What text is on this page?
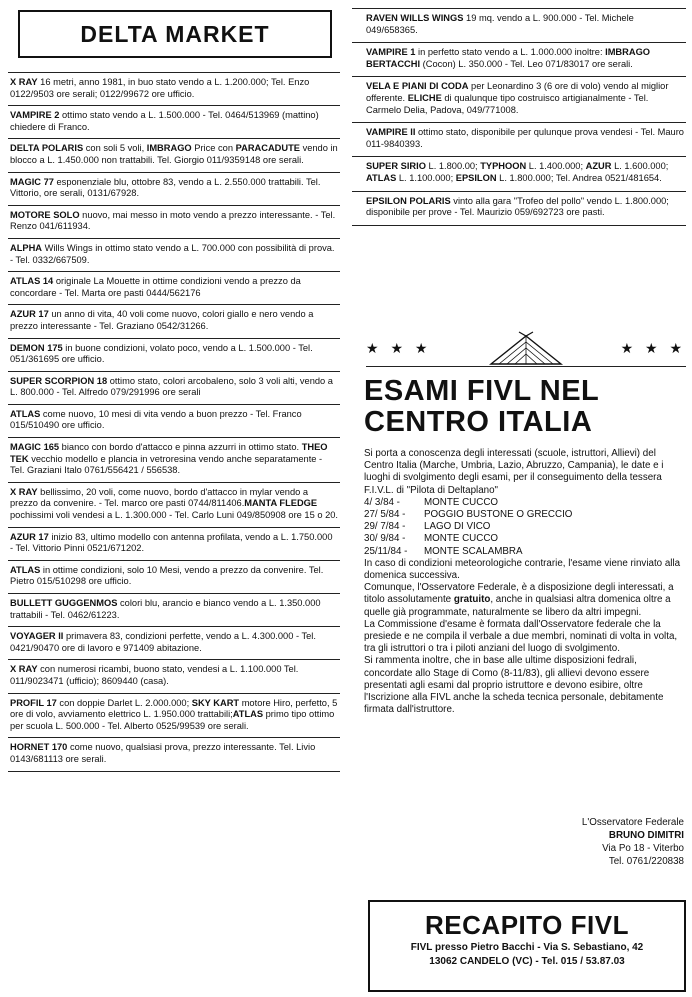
DELTA MARKET

X RAY 16 metri, anno 1981, in buo stato vendo a L. 1.200.000; Tel. Enzo 0122/9503 ore serali; 0122/99672 ore ufficio.

VAMPIRE 2 ottimo stato vendo a L. 1.500.000 - Tel. 0464/513969 (mattino) chiedere di Franco.

DELTA POLARIS con soli 5 voli, IMBRAGO Price con PARACADUTE vendo in blocco a L. 1.450.000 non trattabili. Tel. Giorgio 011/9359148 ore serali.

MAGIC 77 esponenziale blu, ottobre 83, vendo a L. 2.550.000 trattabili. Tel. Vittorio, ore serali, 0131/67928.

MOTORE SOLO nuovo, mai messo in moto vendo a prezzo interessante. - Tel. Renzo 041/611934.

ALPHA Wills Wings in ottimo stato vendo a L. 700.000 con possibilità di prova. - Tel. 0332/667509.

ATLAS 14 originale La Mouette in ottime condizioni vendo a prezzo da concordare - Tel. Marta ore pasti 0444/562176

AZUR 17 un anno di vita, 40 voli come nuovo, colori giallo e nero vendo a prezzo interessante - Tel. Graziano 0542/31266.

DEMON 175 in buone condizioni, volato poco, vendo a L. 1.500.000 - Tel. 051/361695 ore ufficio.

SUPER SCORPION 18 ottimo stato, colori arcobaleno, solo 3 voli alti, vendo a L. 800.000 - Tel. Alfredo 079/291996 ore serali

ATLAS come nuovo, 10 mesi di vita vendo a buon prezzo - Tel. Franco 015/510490 ore ufficio.

MAGIC 165 bianco con bordo d'attacco e pinna azzurri in ottimo stato. THEO TEK vecchio modello e plancia in vetroresina vendo anche separatamente - Tel. Graziani Italo 0761/556421 / 556538.

X RAY bellissimo, 20 voli, come nuovo, bordo d'attacco in mylar vendo a prezzo da convenire. - Tel. marco ore pasti 0744/811406.MANTA FLEDGE pochissimi voli vendesi a L. 1.300.000 - Tel. Carlo Luni 049/850908 ore 15 o 20.

AZUR 17 inizio 83, ultimo modello con antenna profilata, vendo a L. 1.750.000 - Tel. Vittorio Pinni 0521/671202.

ATLAS in ottime condizioni, solo 10 Mesi, vendo a prezzo da convenire. Tel. Pietro 015/510298 ore ufficio.

BULLETT GUGGENMOS colori blu, arancio e bianco vendo a L. 1.350.000 trattabili - Tel. 0462/61223.

VOYAGER II primavera 83, condizioni perfette, vendo a L. 4.300.000 - Tel. 0421/90470 ore di lavoro e 971409 abitazione.

X RAY con numerosi ricambi, buono stato, vendesi a L. 1.100.000 Tel. 011/9023471 (ufficio); 8609440 (casa).

PROFIL 17 con doppie Darlet L. 2.000.000; SKY KART motore Hiro, perfetto, 5 ore di volo, avviamento elettrico L. 1.950.000 trattabili;ATLAS primo tipo ottimo per scuola L. 500.000 - Tel. Alberto 0525/99539 ore serali.

HORNET 170 come nuovo, qualsiasi prova, prezzo interessante. Tel. Livio 0143/681113 ore serali.

RAVEN WILLS WINGS 19 mq. vendo a L. 900.000 - Tel. Michele 049/658365.

VAMPIRE 1 in perfetto stato vendo a L. 1.000.000 inoltre: IMBRAGO BERTACCHI (Cocon) L. 350.000 - Tel. Leo 071/83017 ore serali.

VELA E PIANI DI CODA per Leonardino 3 (6 ore di volo) vendo al miglior offerente. ELICHE di qualunque tipo costruisco artigianalmente - Tel. Carmelo Delia, Padova, 049/771008.

VAMPIRE II ottimo stato, disponibile per qulunque prova vendesi - Tel. Mauro 011-9840393.

SUPER SIRIO L. 1.800.00; TYPHOON L. 1.400.000; AZUR L. 1.600.000; ATLAS L. 1.100.000; EPSILON L. 1.800.000; Tel. Andrea 0521/481654.

EPSILON POLARIS vinto alla gara "Trofeo del pollo" vendo L. 1.800.000; disponibile per prove - Tel. Maurizio 059/692723 ore pasti.

★ ★ ★	★ ★ ★
ESAMI FIVL NEL
CENTRO ITALIA

Si porta a conoscenza degli interessati (scuole, istruttori, Allievi) del Centro Italia (Marche, Umbria, Lazio, Abruzzo, Campania), le date e i luoghi di svolgimento degli esami, per il conseguimento della tessera F.I.V.L. di "Pilota di Deltaplano"

4/ 3/84 -	MONTE CUCCO
27/ 5/84 -	POGGIO BUSTONE O GRECCIO
29/ 7/84 -	LAGO DI VICO
30/ 9/84 -	MONTE CUCCO
25/11/84 -	MONTE SCALAMBRA

In caso di condizioni meteorologiche contrarie, l'esame viene rinviato alla domenica successiva.

Comunque, l'Osservatore Federale, è a disposizione degli interessati, a titolo assolutamente gratuito, anche in qualsiasi altra domenica oltre a quelle già programmate, naturalmente se libero da altri impegni.

La Commissione d'esame è formata dall'Osservatore federale che la presiede e ne compila il verbale a due membri, nominati di volta in volta, tra gli istruttori o tra i piloti anziani del luogo di svolgimento.

Si rammenta inoltre, che in base alle ultime disposizioni fedrali, concordate allo Stage di Como (8-11/83), gli allievi devono essere presentati agli esami dal proprio istruttore e devono esibire, oltre l'Iscrizione alla FIVL anche la scheda tecnica personale, debitamente firmata dall'istruttore.

L'Osservatore Federale
BRUNO DIMITRI
Via Po 18 - Viterbo
Tel. 0761/220838
RECAPITO FIVL
FIVL presso Pietro Bacchi - Via S. Sebastiano, 42
13062 CANDELO (VC) - Tel. 015 / 53.87.03
